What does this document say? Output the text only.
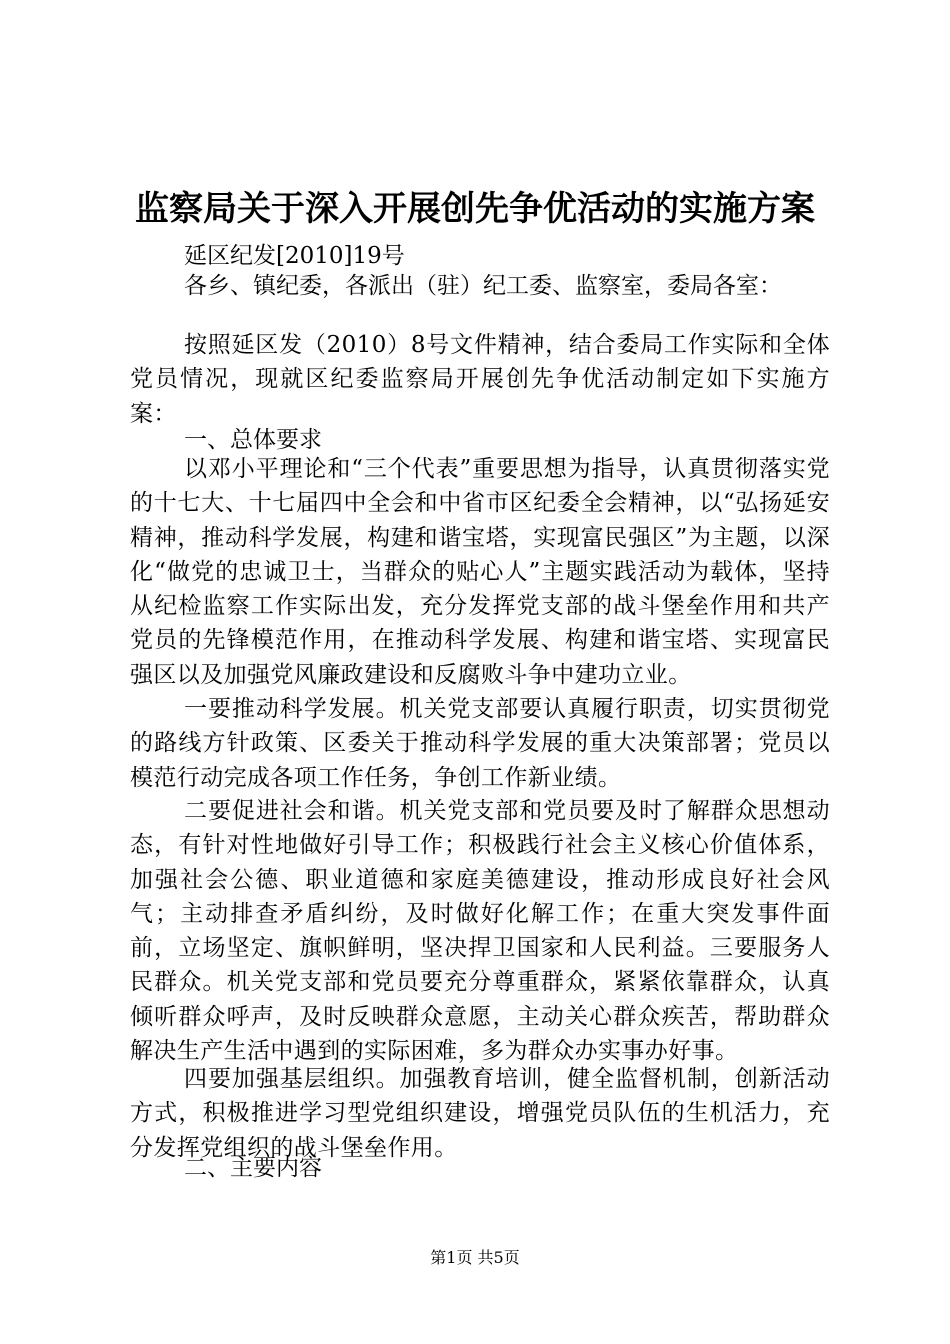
监察局关于深入开展创先争优活动的实施方案
延区纪发[2010]19号
各乡、镇纪委，各派出（驻）纪工委、监察室，委局各室：

按照延区发（2010）8号文件精神，结合委局工作实际和全体党员情况，现就区纪委监察局开展创先争优活动制定如下实施方案：

一、总体要求

以邓小平理论和“三个代表”重要思想为指导，认真贯彻落实党的十七大、十七届四中全会和中省市区纪委全会精神，以“弘扬延安精神，推动科学发展，构建和谐宝塔，实现富民强区”为主题，以深化“做党的忠诚卫士，当群众的贴心人”主题实践活动为载体，坚持从纪检监察工作实际出发，充分发挥党支部的战斗堡垒作用和共产党员的先锋模范作用，在推动科学发展、构建和谐宝塔、实现富民强区以及加强党风廉政建设和反腐败斗争中建功立业。

一要推动科学发展。机关党支部要认真履行职责，切实贯彻党的路线方针政策、区委关于推动科学发展的重大决策部署；党员以模范行动完成各项工作任务，争创工作新业绩。

二要促进社会和谐。机关党支部和党员要及时了解群众思想动态，有针对性地做好引导工作；积极践行社会主义核心价值体系，加强社会公德、职业道德和家庭美德建设，推动形成良好社会风气；主动排查矛盾纠纷，及时做好化解工作；在重大突发事件面前，立场坚定、旗帜鲜明，坚决捍卫国家和人民利益。三要服务人民群众。机关党支部和党员要充分尊重群众，紧紧依靠群众，认真倾听群众呼声，及时反映群众意愿，主动关心群众疾苦，帮助群众解决生产生活中遇到的实际困难，多为群众办实事办好事。

四要加强基层组织。加强教育培训，健全监督机制，创新活动方式，积极推进学习型党组织建设，增强党员队伍的生机活力，充分发挥党组织的战斗堡垒作用。

二、主要内容
第1页 共5页
